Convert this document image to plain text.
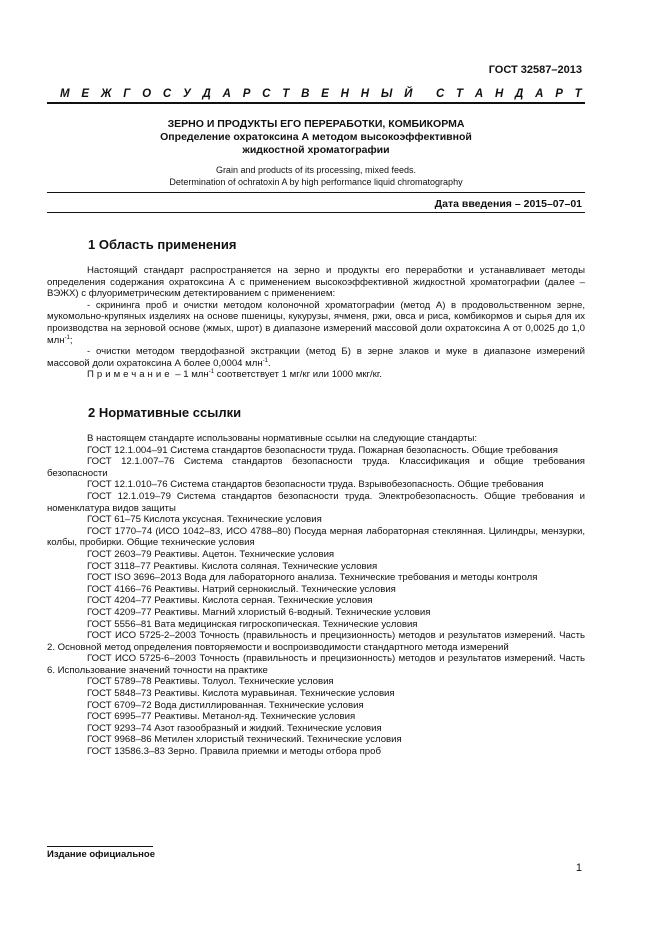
ГОСТ 32587–2013
М Е Ж Г О С У Д А Р С Т В Е Н Н Ы Й С Т А Н Д А Р Т
ЗЕРНО И ПРОДУКТЫ ЕГО ПЕРЕРАБОТКИ, КОМБИКОРМА
Определение охратоксина А методом высокоэффективной
жидкостной хроматографии
Grain and products of its processing, mixed feeds.
Determination of ochratoxin A by high performance liquid chromatography
Дата введения – 2015–07–01
1 Область применения

Настоящий стандарт распространяется на зерно и продукты его переработки и устанавливает методы определения содержания охратоксина А с применением высокоэффективной жидкостной хроматографии (далее – ВЭЖХ) с флуориметрическим детектированием с применением:

- скрининга проб и очистки методом колоночной хроматографии (метод А) в продовольственном зерне, мукомольно-крупяных изделиях на основе пшеницы, кукурузы, ячменя, ржи, овса и риса, комбикормов и сырья для их производства на зерновой основе (жмых, шрот) в диапазоне измерений массовой доли охратоксина А от 0,0025 до 1,0 млн$^{-1}$;

- очистки методом твердофазной экстракции (метод Б) в зерне злаков и муке в диапазоне измерений массовой доли охратоксина А более 0,0004 млн$^{-1}$.

Примечание – 1 млн$^{-1}$ соответствует 1 мг/кг или 1000 мкг/кг.

2 Нормативные ссылки

В настоящем стандарте использованы нормативные ссылки на следующие стандарты:

ГОСТ 12.1.004–91 Система стандартов безопасности труда. Пожарная безопасность. Общие требования

ГОСТ 12.1.007–76 Система стандартов безопасности труда. Классификация и общие требования безопасности

ГОСТ 12.1.010–76 Система стандартов безопасности труда. Взрывобезопасность. Общие требования

ГОСТ 12.1.019–79 Система стандартов безопасности труда. Электробезопасность. Общие требования и номенклатура видов защиты

ГОСТ 61–75 Кислота уксусная. Технические условия

ГОСТ 1770–74 (ИСО 1042–83, ИСО 4788–80) Посуда мерная лабораторная стеклянная. Цилиндры, мензурки, колбы, пробирки. Общие технические условия

ГОСТ 2603–79 Реактивы. Ацетон. Технические условия

ГОСТ 3118–77 Реактивы. Кислота соляная. Технические условия

ГОСТ ISO 3696–2013 Вода для лабораторного анализа. Технические требования и методы контроля

ГОСТ 4166–76 Реактивы. Натрий сернокислый. Технические условия

ГОСТ 4204–77 Реактивы. Кислота серная. Технические условия

ГОСТ 4209–77 Реактивы. Магний хлористый 6-водный. Технические условия

ГОСТ 5556–81 Вата медицинская гигроскопическая. Технические условия

ГОСТ ИСО 5725-2–2003 Точность (правильность и прецизионность) методов и результатов измерений. Часть 2. Основной метод определения повторяемости и воспроизводимости стандартного метода измерений

ГОСТ ИСО 5725-6–2003 Точность (правильность и прецизионность) методов и результатов измерений. Часть 6. Использование значений точности на практике

ГОСТ 5789–78 Реактивы. Толуол. Технические условия

ГОСТ 5848–73 Реактивы. Кислота муравьиная. Технические условия

ГОСТ 6709–72 Вода дистиллированная. Технические условия

ГОСТ 6995–77 Реактивы. Метанол-яд. Технические условия

ГОСТ 9293–74 Азот газообразный и жидкий. Технические условия

ГОСТ 9968–86 Метилен хлористый технический. Технические условия

ГОСТ 13586.3–83 Зерно. Правила приемки и методы отбора проб

Издание официальное
1
